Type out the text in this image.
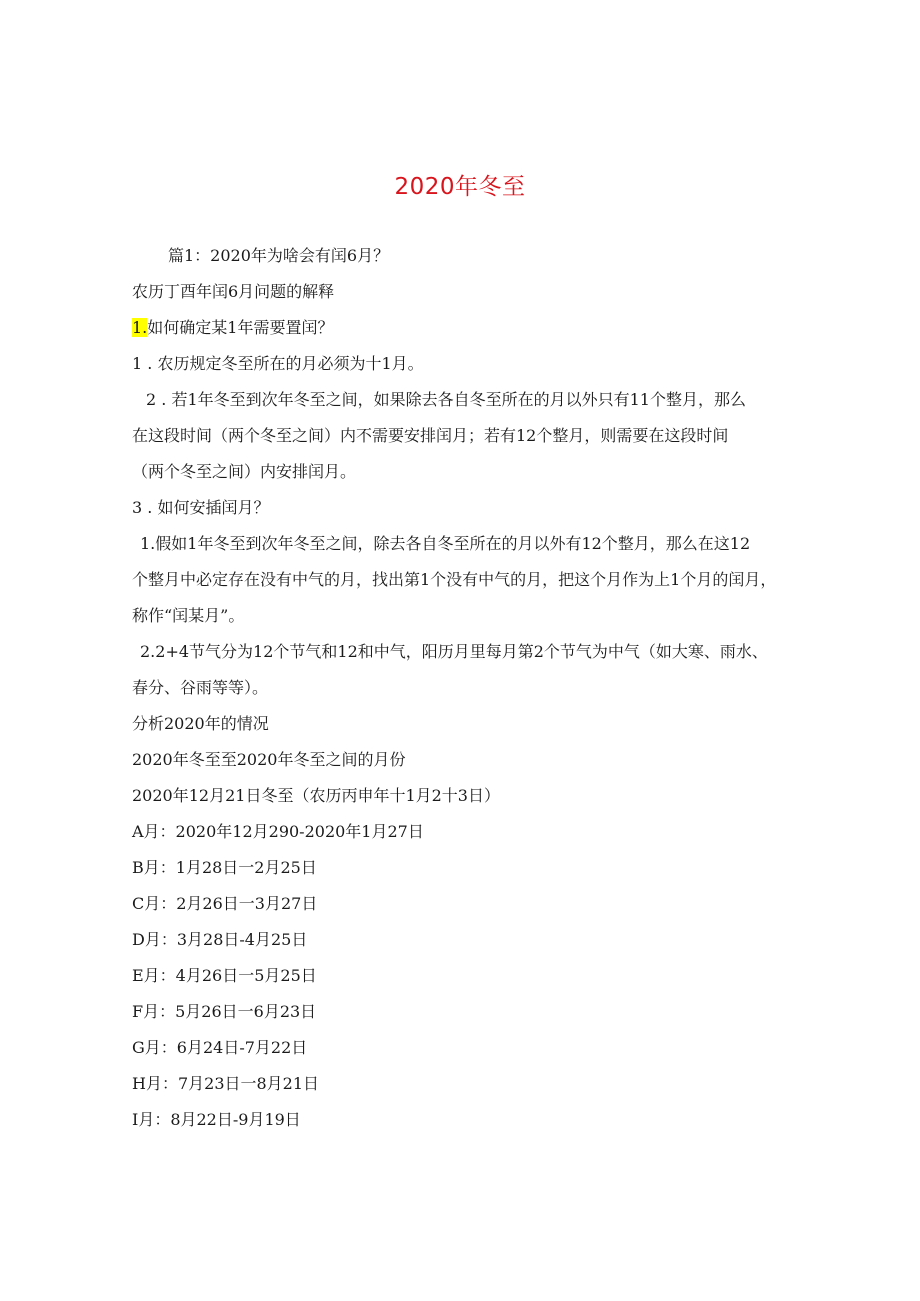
2020年冬至

篇1：2020年为啥会有闰6月？

农历丁酉年闰6月问题的解释

1.如何确定某1年需要置闰？

1 . 农历规定冬至所在的月必须为十1月。

2 . 若1年冬至到次年冬至之间，如果除去各自冬至所在的月以外只有11个整月，那么

在这段时间（两个冬至之间）内不需要安排闰月；若有12个整月，则需要在这段时间

（两个冬至之间）内安排闰月。

3 . 如何安插闰月？

1.假如1年冬至到次年冬至之间，除去各自冬至所在的月以外有12个整月，那么在这12

个整月中必定存在没有中气的月，找出第1个没有中气的月，把这个月作为上1个月的闰月，

称作“闰某月”。

2.2+4节气分为12个节气和12和中气，阳历月里每月第2个节气为中气（如大寒、雨水、

春分、谷雨等等）。

分析2020年的情况

2020年冬至至2020年冬至之间的月份

2020年12月21日冬至（农历丙申年十1月2十3日）

A月：2020年12月290-2020年1月27日

B月：1月28日一2月25日

C月：2月26日一3月27日

D月：3月28日-4月25日

E月：4月26日一5月25日

F月：5月26日一6月23日

G月：6月24日-7月22日

H月：7月23日一8月21日

I月：8月22日-9月19日
